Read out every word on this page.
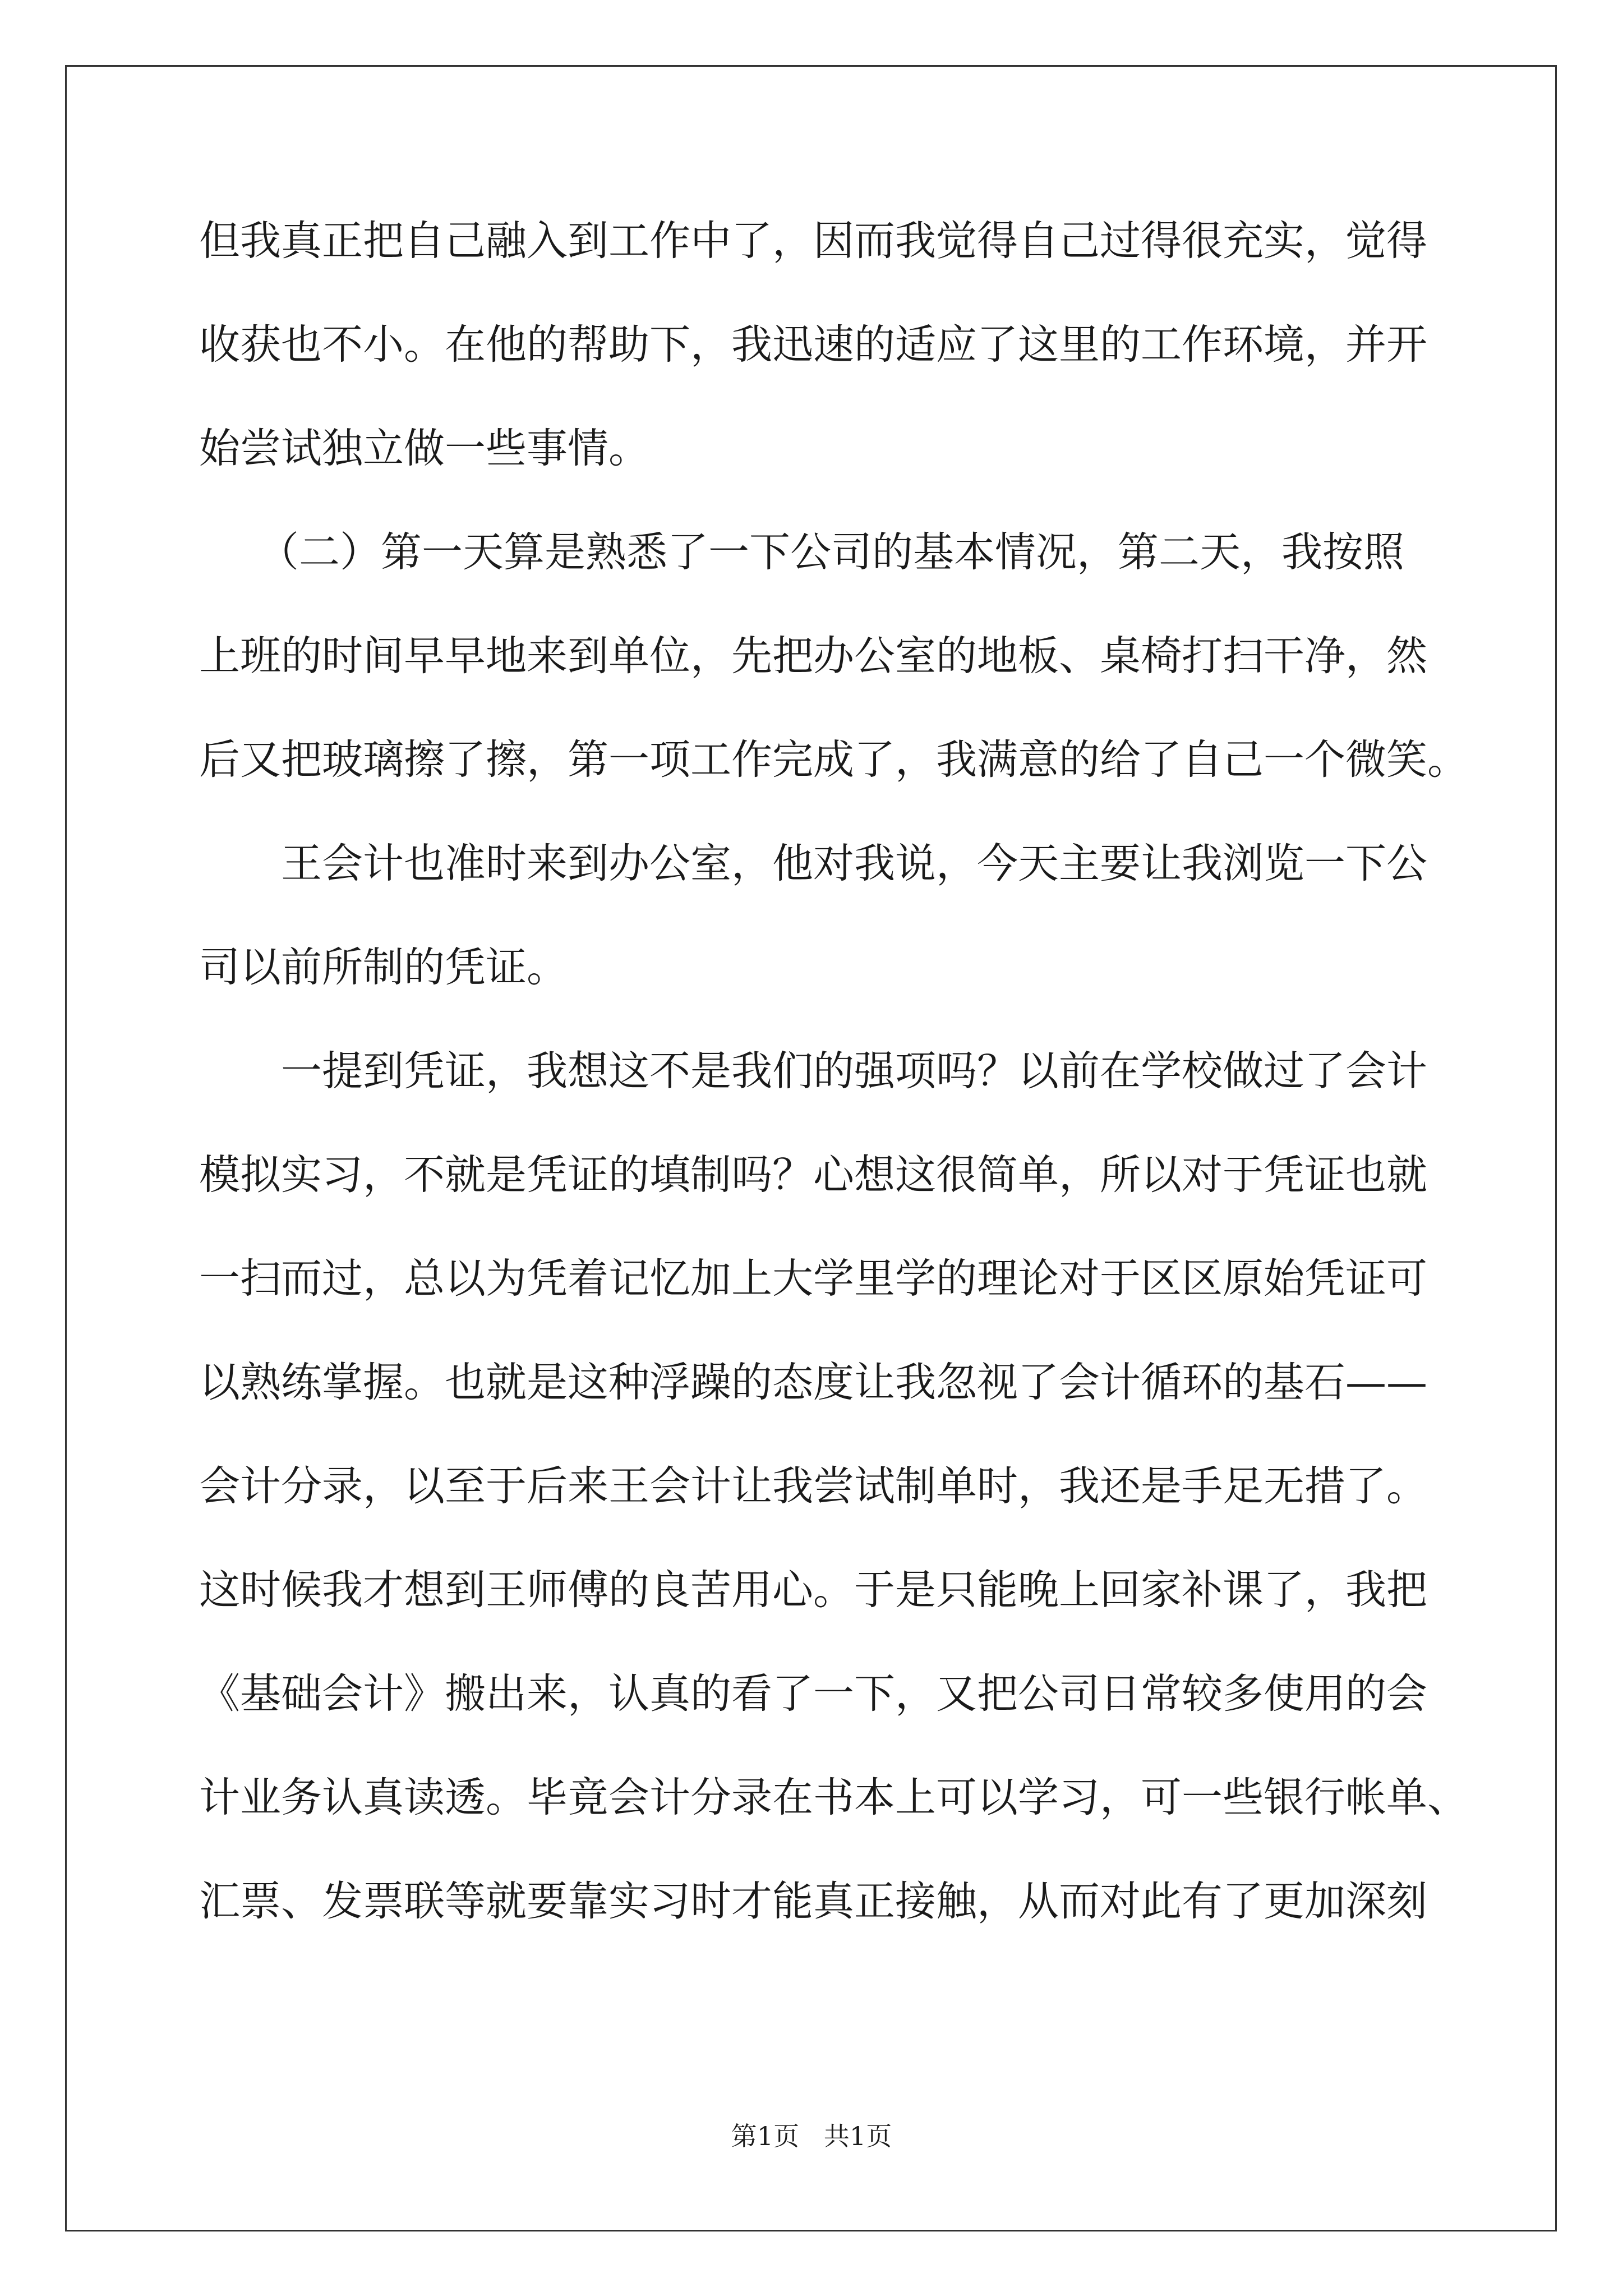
但我真正把自己融入到工作中了，因而我觉得自己过得很充实，觉得
收获也不小。在他的帮助下，我迅速的适应了这里的工作环境，并开
始尝试独立做一些事情。
（二）第一天算是熟悉了一下公司的基本情况，第二天，我按照
上班的时间早早地来到单位，先把办公室的地板、桌椅打扫干净，然
后又把玻璃擦了擦，第一项工作完成了，我满意的给了自己一个微笑。
王会计也准时来到办公室，他对我说，今天主要让我浏览一下公
司以前所制的凭证。
一提到凭证，我想这不是我们的强项吗？以前在学校做过了会计
模拟实习，不就是凭证的填制吗？心想这很简单，所以对于凭证也就
一扫而过，总以为凭着记忆加上大学里学的理论对于区区原始凭证可
以熟练掌握。也就是这种浮躁的态度让我忽视了会计循环的基石——
会计分录，以至于后来王会计让我尝试制单时，我还是手足无措了。
这时候我才想到王师傅的良苦用心。于是只能晚上回家补课了，我把
《基础会计》搬出来，认真的看了一下，又把公司日常较多使用的会
计业务认真读透。毕竟会计分录在书本上可以学习，可一些银行帐单、
汇票、发票联等就要靠实习时才能真正接触，从而对此有了更加深刻
第1页   共1页
